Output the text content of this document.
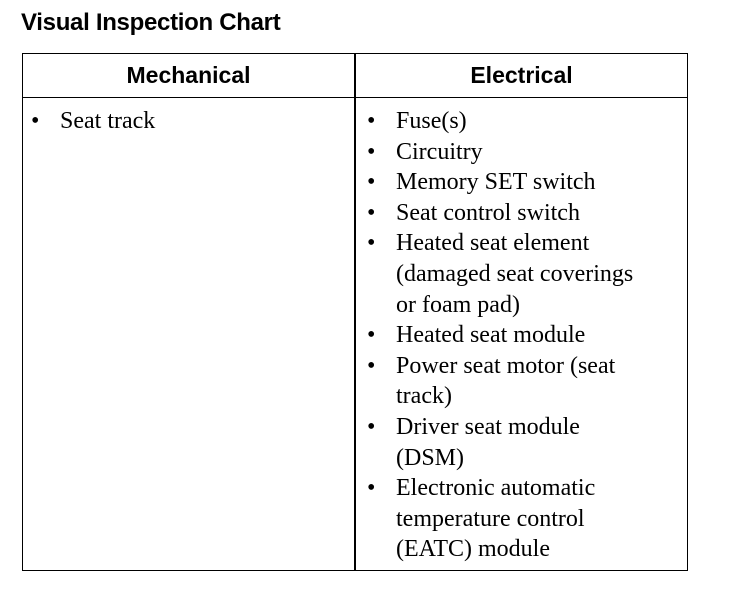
Visual Inspection Chart
Mechanical	Electrical
• Seat track	• Fuse(s)
• Circuitry
• Memory SET switch
• Seat control switch
• Heated seat element
(damaged seat coverings
or foam pad)
• Heated seat module
• Power seat motor (seat
track)
• Driver seat module
(DSM)
• Electronic automatic
temperature control
(EATC) module
